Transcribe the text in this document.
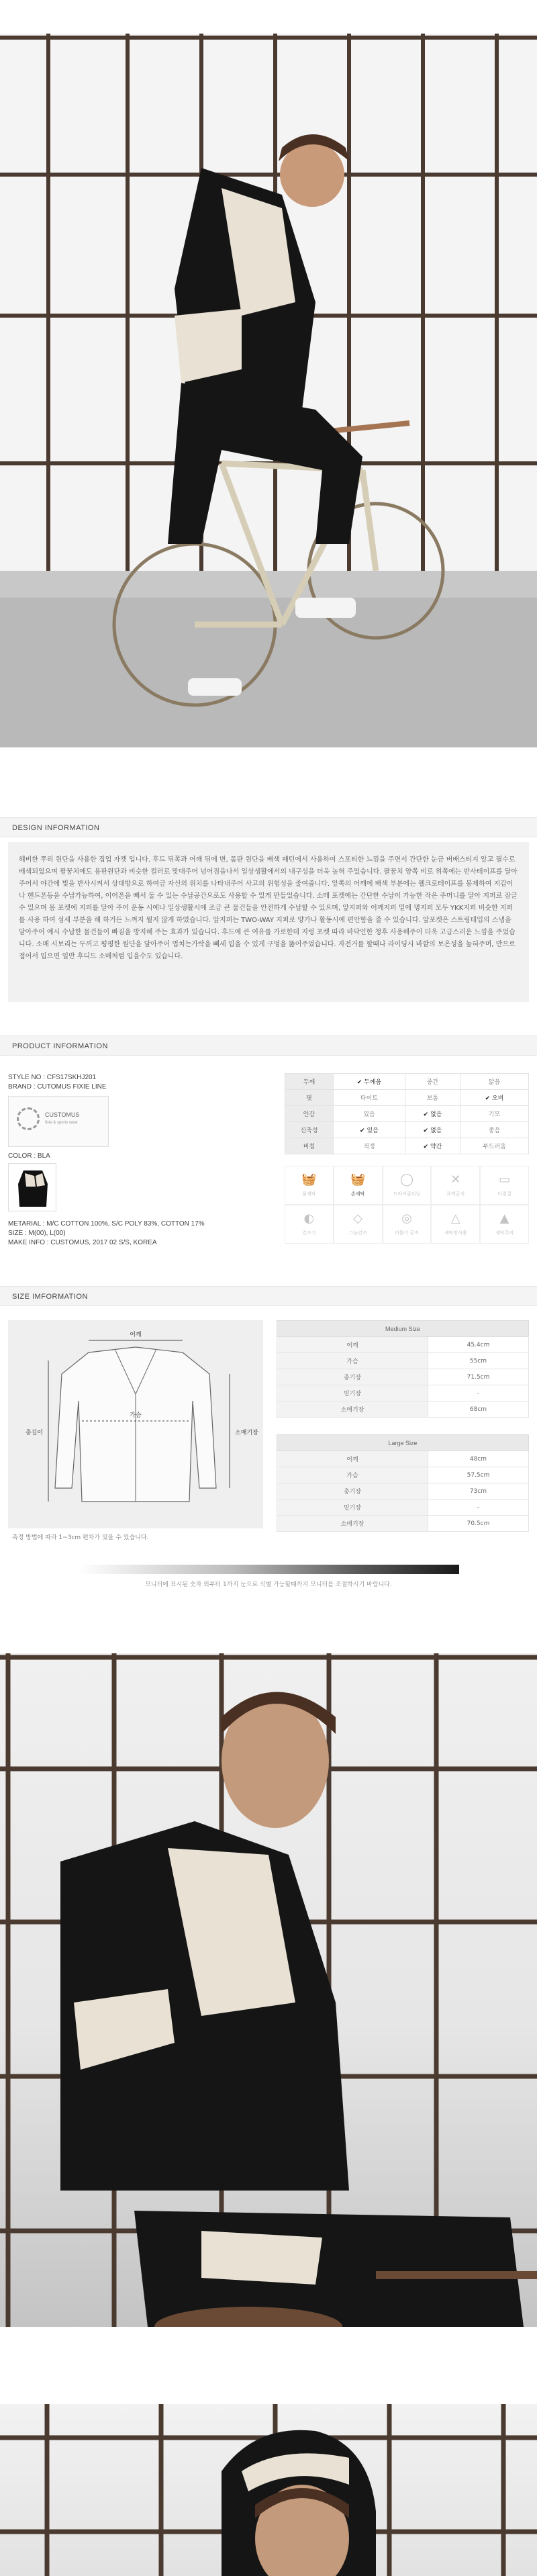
DESIGN INFORMATION

헤비한 쭈리 원단을 사용한 집업 자켓 입니다. 후드 뒤쪽과 어깨 뒤에 변, 몸판 원단을 배색 패턴에서 사용하여 스포티한 느낌을 주면서 간단한 눈금 버배스티지 앞고 필수로 배색되었으며 팔꿈치에도 용판원단과 비슷한 컬러로 맞대주어 넘어짐을나서 일상생활에서의 내구성을 더욱 높혀 주었습니다. 팔꿈치 양쪽 비로 위쪽에는 반사테이프를 달아주어서 야간에 빛을 반사시켜서 상대방으로 하여금 자신의 위치를 나타내주어 사고의 위험성을 줄여줍니다. 앞쪽의 어깨에 배색 부분에는 웰크로테이프를 봉제하여 지갑이나 핸드폰등을 수납가능하여, 이어폰을 빼서 둘 수 있는 수납공간으로도 사용할 수 있게 만들었습니다. 소매 포켓에는 간단한 수납이 가능한 작은 주머니를 달아 지퍼로 잠글 수 있으며 몸 포켓에 지퍼를 달아 주어 운동 시에나 일상생활시에 조금 큰 물건들을 안전하게 수납할 수 있으며, 앞지퍼와 어깨지퍼 밑에 명지퍼 모두 YKK지퍼 비슷한 지퍼를 사용 하여 섬세 부분을 해 하거든 느껴지 뭘지 않게 하였습니다. 앞지퍼는 TWO-WAY 지퍼로 양가나 활동시에 편안함을 줄 수 있습니다. 앞포켓은 스트링테입의 스냅을 달아주어 예시 수납한 물건들이 빠짐을 방지해 주는 효과가 있습니다. 후드에 큰 여유를 가로한데 지렁 포켓 따라 바닥인한 청후 사용해주어 더욱 고급스러운 느낌을 주었습니다. 소매 시보리는 두꺼고 평평한 원단을 달아주어 법치는가락을 빼세 입을 수 있게 구멍을 뚫어주었습니다. 자전거를 할때나 라이딩시 바깥의 보온성을 높혀주며, 반으로 접어서 입으면 일반 후디드 소매처럼 입을수도 있습니다.

PRODUCT INFORMATION
STYLE NO : CFS17SKHJ201
BRAND : CUTOMUS FIXIE LINE
CUSTOMUS
fixie & sports wear
COLOR : BLA
METARIAL : M/C COTTON 100%, S/C POLY 83%, COTTON 17%
SIZE : M(00), L(00)
MAKE INFO : CUSTOMUS, 2017 02 S/S, KOREA
두께	✔ 두께움	중간	얇음
핏	타이트	보통	✔ 오버
안감	있음	✔ 없음	기모
신축성	✔ 있음	✔ 없음	좋음
비침	적정	✔ 약간	부드러움
🧺
물세탁
🧺
손세탁
◯
드라이클리닝
✕
표백금지
▭
다림질
◐
건조기
◇
그늘건조
◎
비틀기 금지
△
세탁망사용
▲
세탁주의
SIZE IMFORMATION
어깨
총길이
가슴
소매기장
측정 방법에 따라 1~3cm 편차가 있을 수 있습니다.
Medium Size	
어깨	45.4cm
가슴	55cm
총기장	71.5cm
밑기장	-
소매기장	68cm
Large Size	
어깨	48cm
가슴	57.5cm
총기장	73cm
밑기장	-
소매기장	70.5cm
모니터에 표시된 숫자 외부터 1까지 눈으로 식별 가능할때까지 모니터를 조절하시기 바랍니다.
